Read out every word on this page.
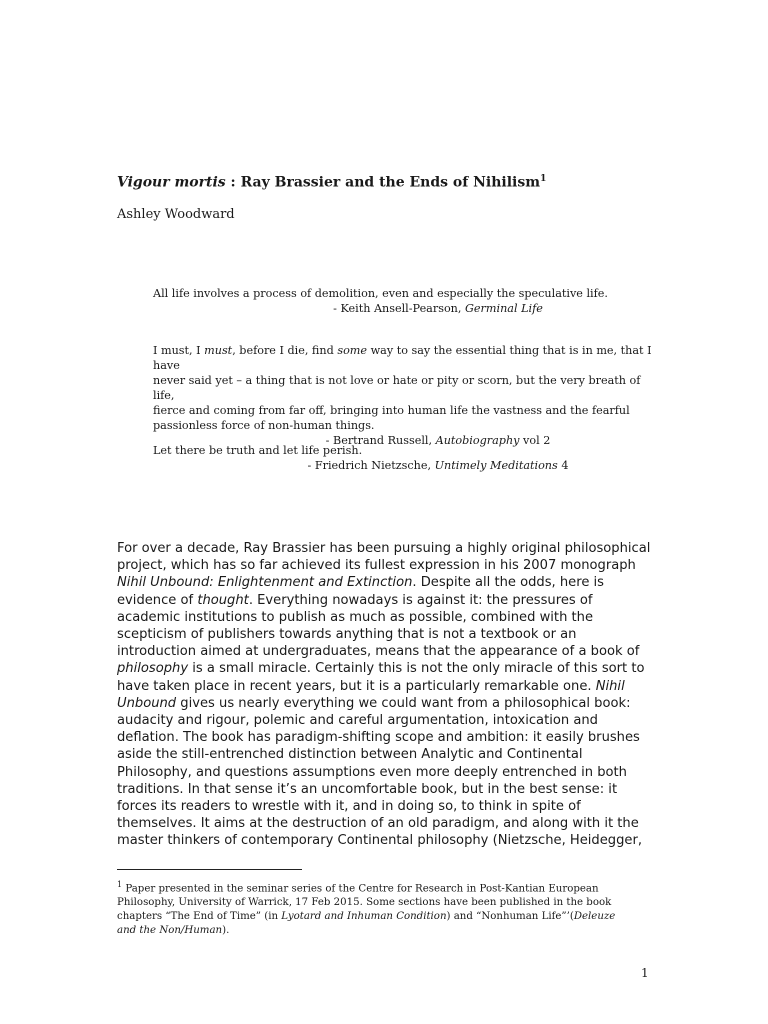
Vigour mortis : Ray Brassier and the Ends of Nihilism$^1$
Ashley Woodward
All life involves a process of demolition, even and especially the speculative life.
- Keith Ansell-Pearson, Germinal Life
I must, I must, before I die, find some way to say the essential thing that is in me, that I have
never said yet – a thing that is not love or hate or pity or scorn, but the very breath of life,
fierce and coming from far off, bringing into human life the vastness and the fearful
passionless force of non-human things.
- Bertrand Russell, Autobiography vol 2
Let there be truth and let life perish.
- Friedrich Nietzsche, Untimely Meditations 4
For over a decade, Ray Brassier has been pursuing a highly original philosophical
project, which has so far achieved its fullest expression in his 2007 monograph
Nihil Unbound: Enlightenment and Extinction. Despite all the odds, here is
evidence of thought. Everything nowadays is against it: the pressures of
academic institutions to publish as much as possible, combined with the
scepticism of publishers towards anything that is not a textbook or an
introduction aimed at undergraduates, means that the appearance of a book of
philosophy is a small miracle. Certainly this is not the only miracle of this sort to
have taken place in recent years, but it is a particularly remarkable one. Nihil
Unbound gives us nearly everything we could want from a philosophical book:
audacity and rigour, polemic and careful argumentation, intoxication and
deflation. The book has paradigm-shifting scope and ambition: it easily brushes
aside the still-entrenched distinction between Analytic and Continental
Philosophy, and questions assumptions even more deeply entrenched in both
traditions. In that sense it’s an uncomfortable book, but in the best sense: it
forces its readers to wrestle with it, and in doing so, to think in spite of
themselves. It aims at the destruction of an old paradigm, and along with it the
master thinkers of contemporary Continental philosophy (Nietzsche, Heidegger,
$^1$ Paper presented in the seminar series of the Centre for Research in Post-Kantian European
Philosophy, University of Warrick, 17 Feb 2015. Some sections have been published in the book
chapters “The End of Time” (in Lyotard and Inhuman Condition) and “Nonhuman Life”’(Deleuze
and the Non/Human).
1
